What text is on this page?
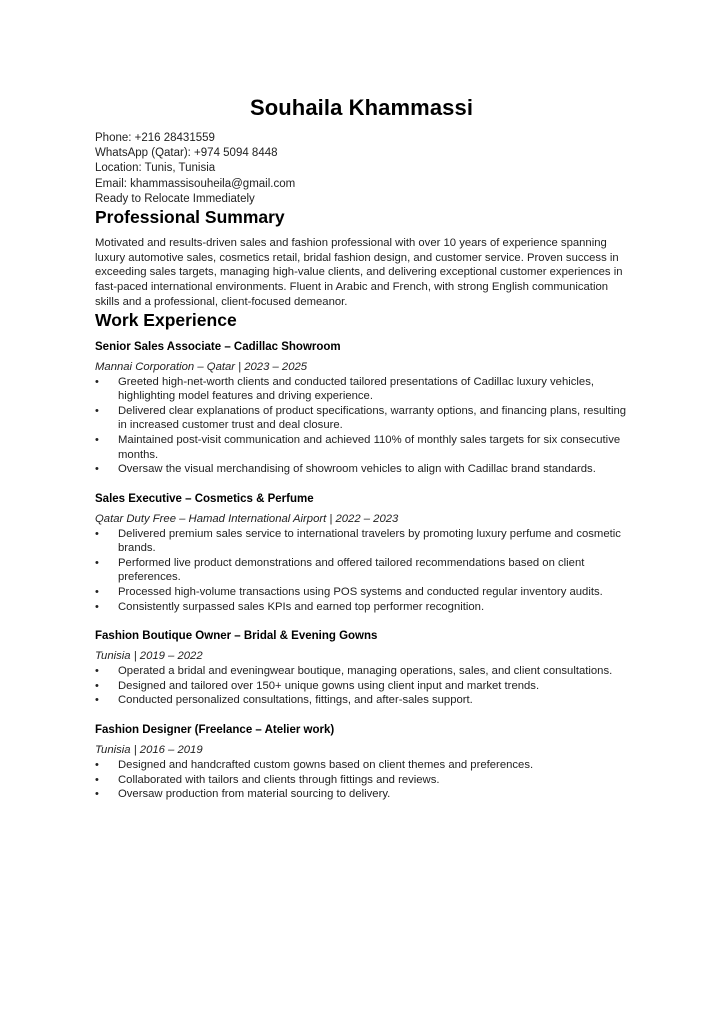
Souhaila Khammassi
Phone: +216 28431559
WhatsApp (Qatar): +974 5094 8448
Location: Tunis, Tunisia
Email: khammassisouheila@gmail.com
Ready to Relocate Immediately
Professional Summary
Motivated and results-driven sales and fashion professional with over 10 years of experience spanning luxury automotive sales, cosmetics retail, bridal fashion design, and customer service. Proven success in exceeding sales targets, managing high-value clients, and delivering exceptional customer experiences in fast-paced international environments. Fluent in Arabic and French, with strong English communication skills and a professional, client-focused demeanor.
Work Experience
Senior Sales Associate – Cadillac Showroom
Mannai Corporation – Qatar | 2023 – 2025
• Greeted high-net-worth clients and conducted tailored presentations of Cadillac luxury vehicles, highlighting model features and driving experience.
• Delivered clear explanations of product specifications, warranty options, and financing plans, resulting in increased customer trust and deal closure.
• Maintained post-visit communication and achieved 110% of monthly sales targets for six consecutive months.
• Oversaw the visual merchandising of showroom vehicles to align with Cadillac brand standards.
Sales Executive – Cosmetics & Perfume
Qatar Duty Free – Hamad International Airport | 2022 – 2023
• Delivered premium sales service to international travelers by promoting luxury perfume and cosmetic brands.
• Performed live product demonstrations and offered tailored recommendations based on client preferences.
• Processed high-volume transactions using POS systems and conducted regular inventory audits.
• Consistently surpassed sales KPIs and earned top performer recognition.
Fashion Boutique Owner – Bridal & Evening Gowns
Tunisia | 2019 – 2022
• Operated a bridal and eveningwear boutique, managing operations, sales, and client consultations.
• Designed and tailored over 150+ unique gowns using client input and market trends.
• Conducted personalized consultations, fittings, and after-sales support.
Fashion Designer (Freelance – Atelier work)
Tunisia | 2016 – 2019
• Designed and handcrafted custom gowns based on client themes and preferences.
• Collaborated with tailors and clients through fittings and reviews.
• Oversaw production from material sourcing to delivery.
